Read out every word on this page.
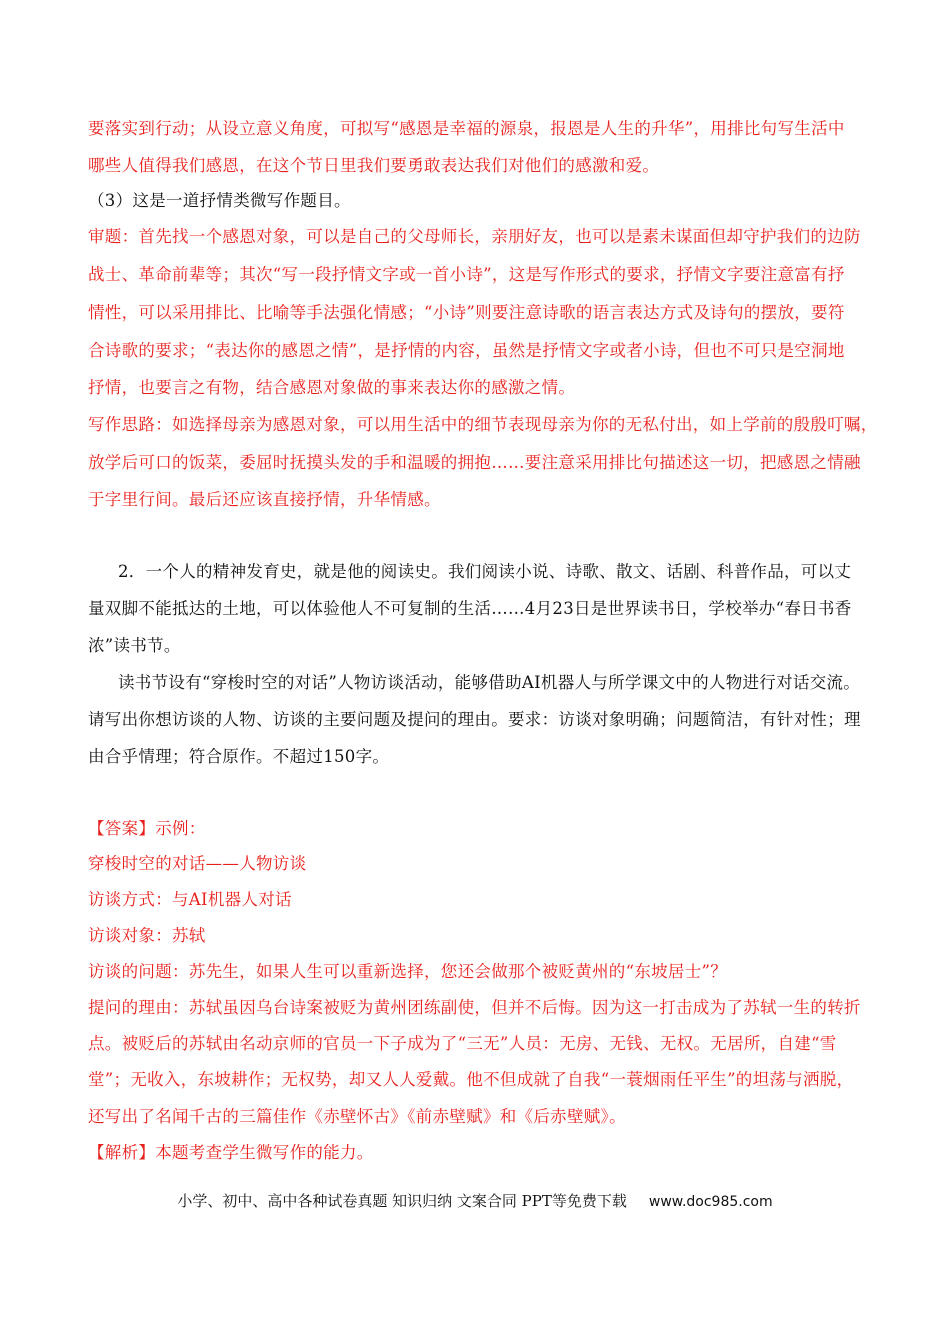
要落实到行动；从设立意义角度，可拟写“感恩是幸福的源泉，报恩是人生的升华”，用排比句写生活中
哪些人值得我们感恩，在这个节日里我们要勇敢表达我们对他们的感激和爱。
（3）这是一道抒情类微写作题目。
审题：首先找一个感恩对象，可以是自己的父母师长，亲朋好友，也可以是素未谋面但却守护我们的边防
战士、革命前辈等；其次“写一段抒情文字或一首小诗”，这是写作形式的要求，抒情文字要注意富有抒
情性，可以采用排比、比喻等手法强化情感；“小诗”则要注意诗歌的语言表达方式及诗句的摆放，要符
合诗歌的要求；“表达你的感恩之情”，是抒情的内容，虽然是抒情文字或者小诗，但也不可只是空洞地
抒情，也要言之有物，结合感恩对象做的事来表达你的感激之情。
写作思路：如选择母亲为感恩对象，可以用生活中的细节表现母亲为你的无私付出，如上学前的殷殷叮嘱，
放学后可口的饭菜，委屈时抚摸头发的手和温暖的拥抱……要注意采用排比句描述这一切，把感恩之情融
于字里行间。最后还应该直接抒情，升华情感。
2．一个人的精神发育史，就是他的阅读史。我们阅读小说、诗歌、散文、话剧、科普作品，可以丈
量双脚不能抵达的土地，可以体验他人不可复制的生活……4月23日是世界读书日，学校举办“春日书香
浓”读书节。
读书节设有“穿梭时空的对话”人物访谈活动，能够借助AI机器人与所学课文中的人物进行对话交流。
请写出你想访谈的人物、访谈的主要问题及提问的理由。要求：访谈对象明确；问题简洁，有针对性；理
由合乎情理；符合原作。不超过150字。
【答案】示例：
穿梭时空的对话——人物访谈
访谈方式：与AI机器人对话
访谈对象：苏轼
访谈的问题：苏先生，如果人生可以重新选择，您还会做那个被贬黄州的“东坡居士”？
提问的理由：苏轼虽因乌台诗案被贬为黄州团练副使，但并不后悔。因为这一打击成为了苏轼一生的转折
点。被贬后的苏轼由名动京师的官员一下子成为了“三无”人员：无房、无钱、无权。无居所，自建“雪
堂”；无收入，东坡耕作；无权势，却又人人爱戴。他不但成就了自我“一蓑烟雨任平生”的坦荡与洒脱，
还写出了名闻千古的三篇佳作《赤壁怀古》《前赤壁赋》和《后赤壁赋》。
【解析】本题考查学生微写作的能力。
小学、初中、高中各种试卷真题 知识归纳 文案合同 PPT等免费下载 www.doc985.com
